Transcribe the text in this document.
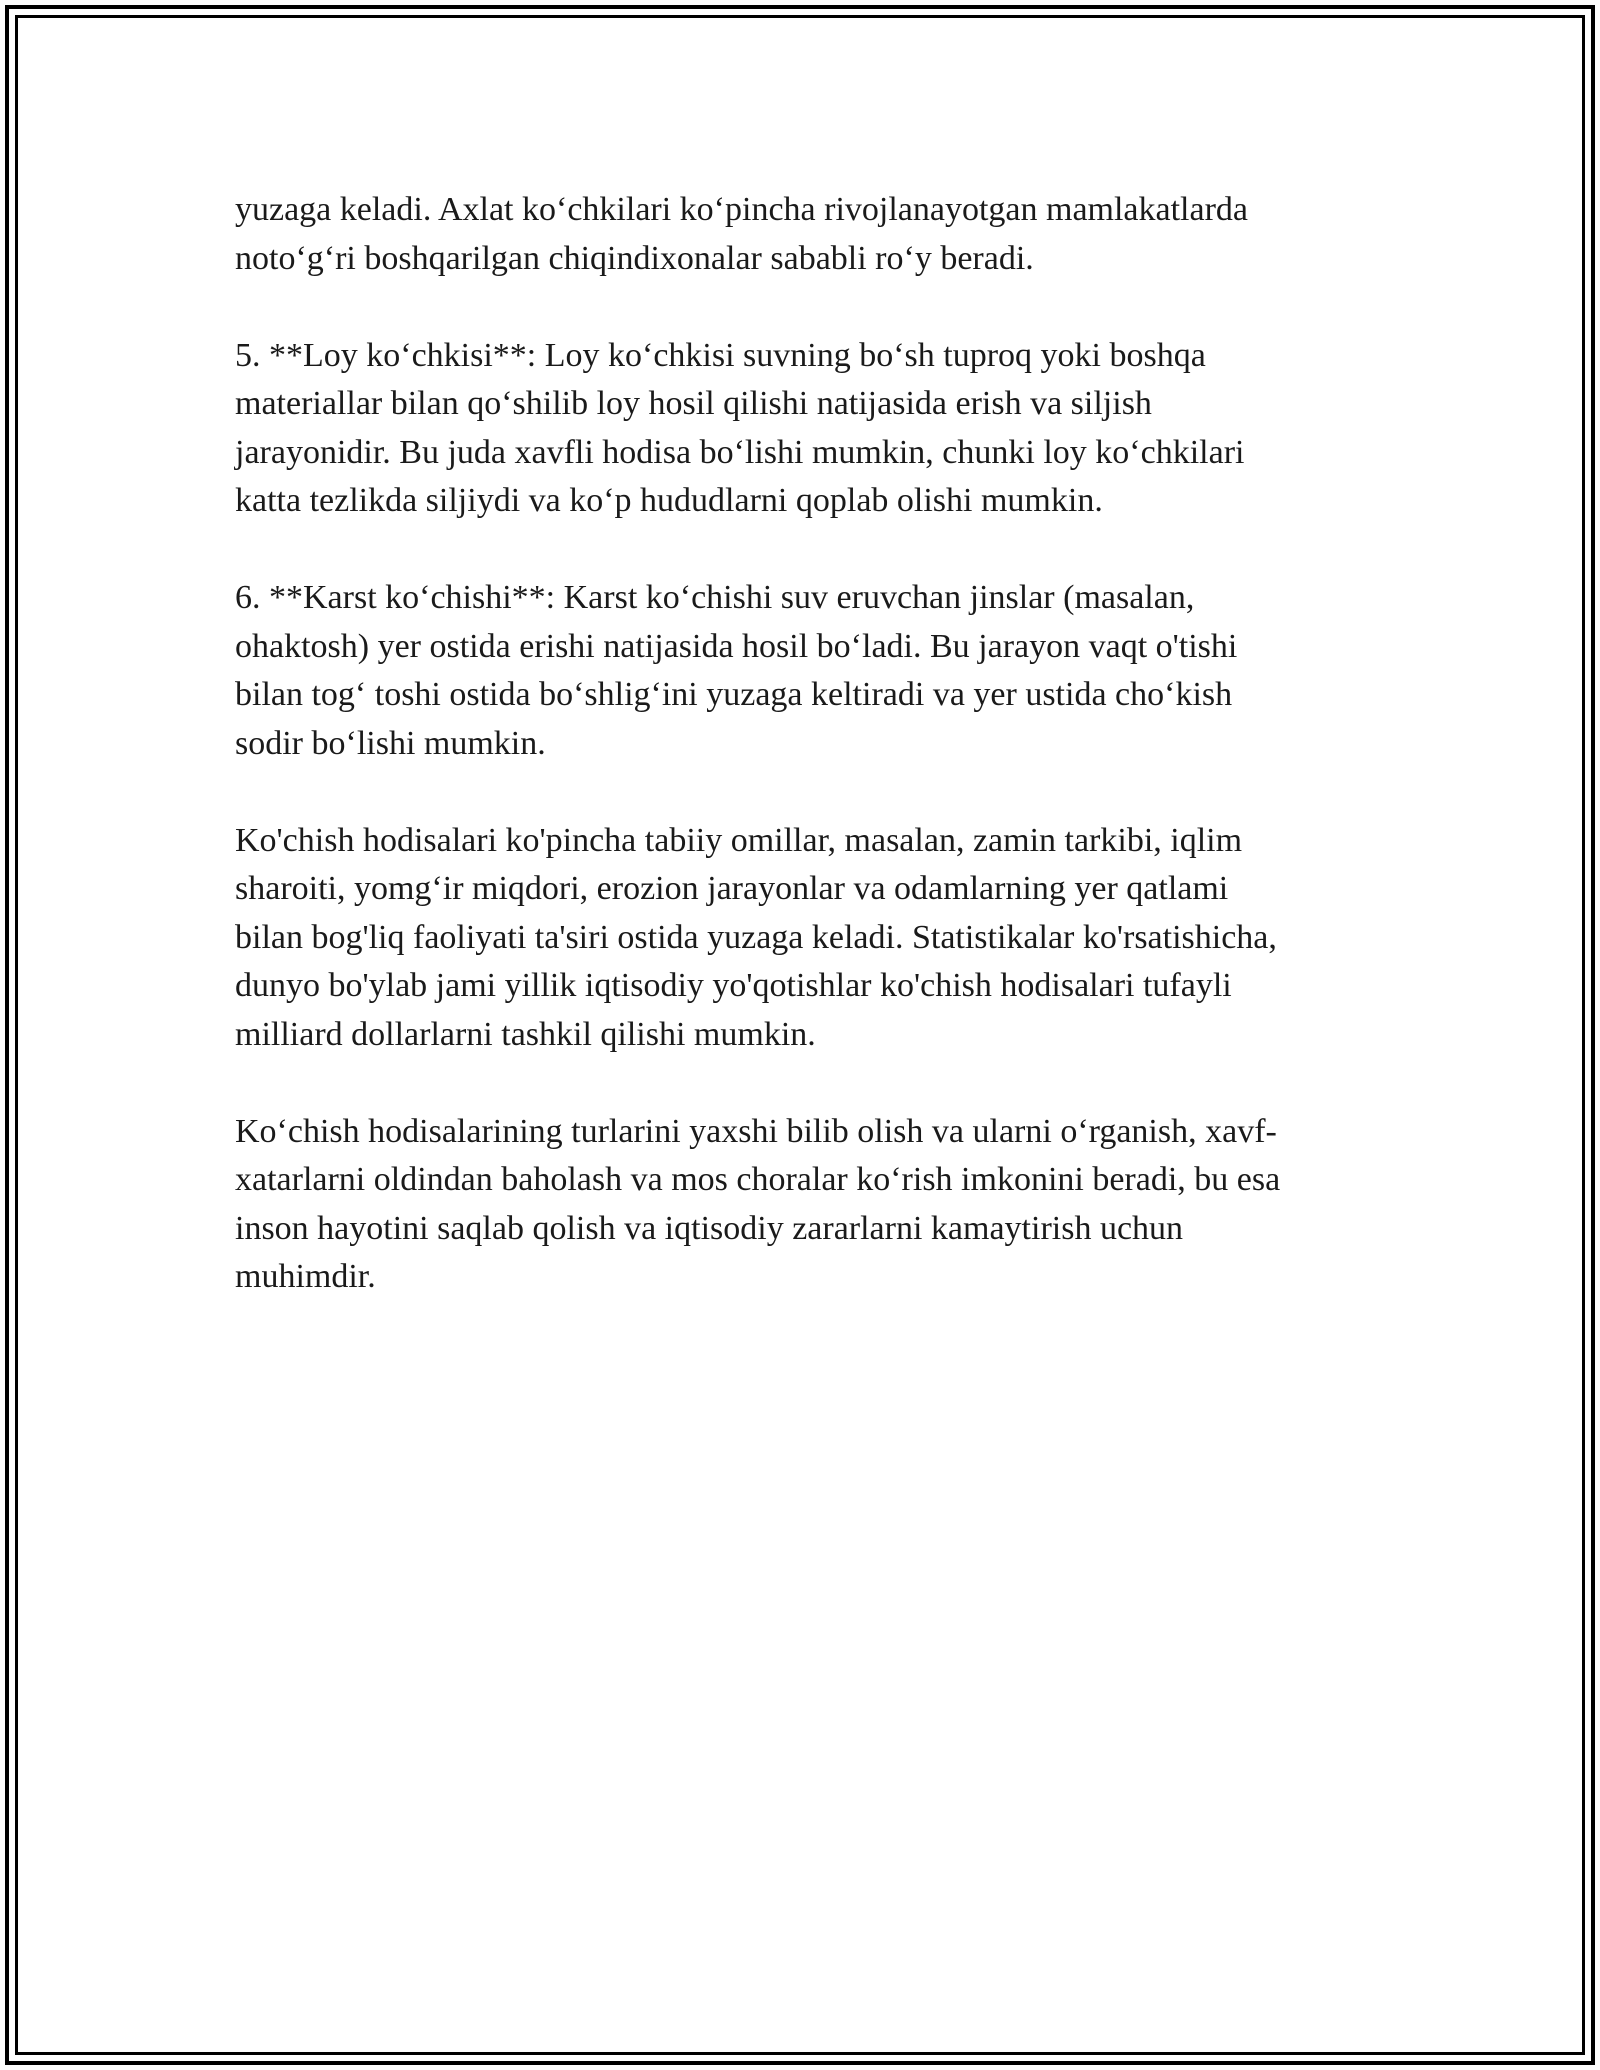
yuzaga keladi. Axlat ko‘chkilari ko‘pincha rivojlanayotgan mamlakatlarda
noto‘g‘ri boshqarilgan chiqindixonalar sababli ro‘y beradi.

5. **Loy ko‘chkisi**: Loy ko‘chkisi suvning bo‘sh tuproq yoki boshqa
materiallar bilan qo‘shilib loy hosil qilishi natijasida erish va siljish
jarayonidir. Bu juda xavfli hodisa bo‘lishi mumkin, chunki loy ko‘chkilari
katta tezlikda siljiydi va ko‘p hududlarni qoplab olishi mumkin.

6. **Karst ko‘chishi**: Karst ko‘chishi suv eruvchan jinslar (masalan,
ohaktosh) yer ostida erishi natijasida hosil bo‘ladi. Bu jarayon vaqt o'tishi
bilan tog‘ toshi ostida bo‘shlig‘ini yuzaga keltiradi va yer ustida cho‘kish
sodir bo‘lishi mumkin.

Ko'chish hodisalari ko'pincha tabiiy omillar, masalan, zamin tarkibi, iqlim
sharoiti, yomg‘ir miqdori, erozion jarayonlar va odamlarning yer qatlami
bilan bog'liq faoliyati ta'siri ostida yuzaga keladi. Statistikalar ko'rsatishicha,
dunyo bo'ylab jami yillik iqtisodiy yo'qotishlar ko'chish hodisalari tufayli
milliard dollarlarni tashkil qilishi mumkin.

Ko‘chish hodisalarining turlarini yaxshi bilib olish va ularni o‘rganish, xavf-
xatarlarni oldindan baholash va mos choralar ko‘rish imkonini beradi, bu esa
inson hayotini saqlab qolish va iqtisodiy zararlarni kamaytirish uchun
muhimdir.
